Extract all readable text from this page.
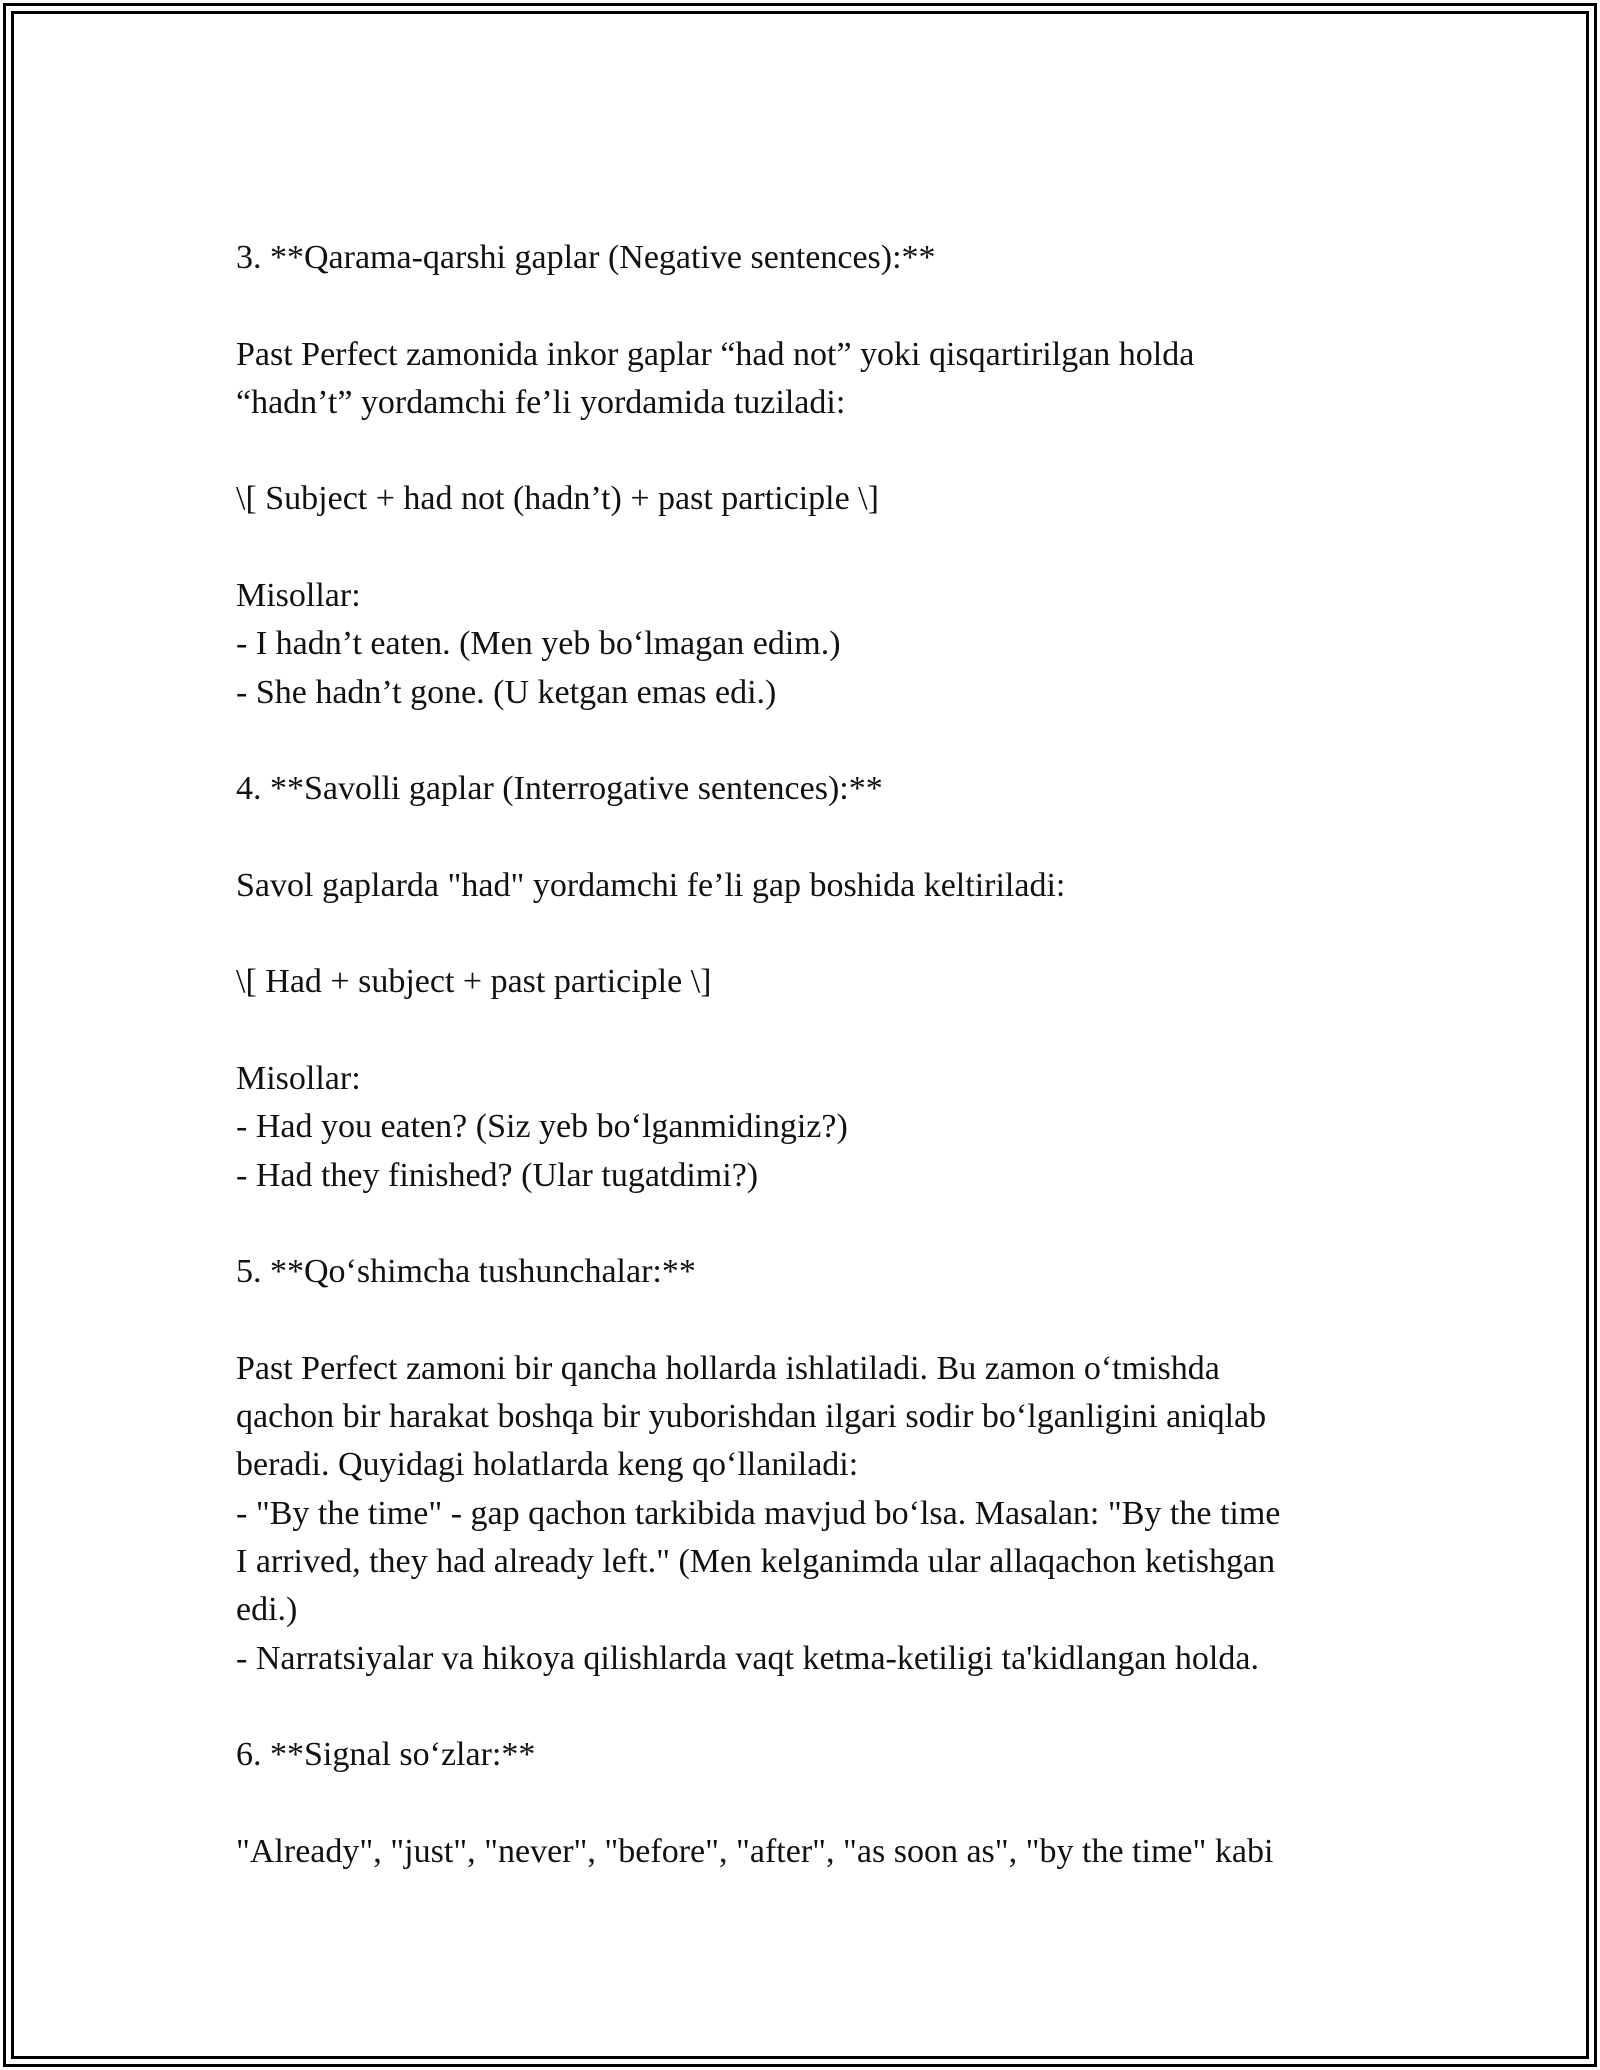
3. **Qarama-qarshi gaplar (Negative sentences):**
Past Perfect zamonida inkor gaplar “had not” yoki qisqartirilgan holda
“hadn’t” yordamchi fe’li yordamida tuziladi:
\[ Subject + had not (hadn’t) + past participle \]
Misollar:
- I hadn’t eaten. (Men yeb bo‘lmagan edim.)
- She hadn’t gone. (U ketgan emas edi.)
4. **Savolli gaplar (Interrogative sentences):**
Savol gaplarda "had" yordamchi fe’li gap boshida keltiriladi:
\[ Had + subject + past participle \]
Misollar:
- Had you eaten? (Siz yeb bo‘lganmidingiz?)
- Had they finished? (Ular tugatdimi?)
5. **Qo‘shimcha tushunchalar:**
Past Perfect zamoni bir qancha hollarda ishlatiladi. Bu zamon o‘tmishda
qachon bir harakat boshqa bir yuborishdan ilgari sodir bo‘lganligini aniqlab
beradi. Quyidagi holatlarda keng qo‘llaniladi:
- "By the time" - gap qachon tarkibida mavjud bo‘lsa. Masalan: "By the time
I arrived, they had already left." (Men kelganimda ular allaqachon ketishgan
edi.)
- Narratsiyalar va hikoya qilishlarda vaqt ketma-ketiligi ta'kidlangan holda.
6. **Signal so‘zlar:**
"Already", "just", "never", "before", "after", "as soon as", "by the time" kabi
